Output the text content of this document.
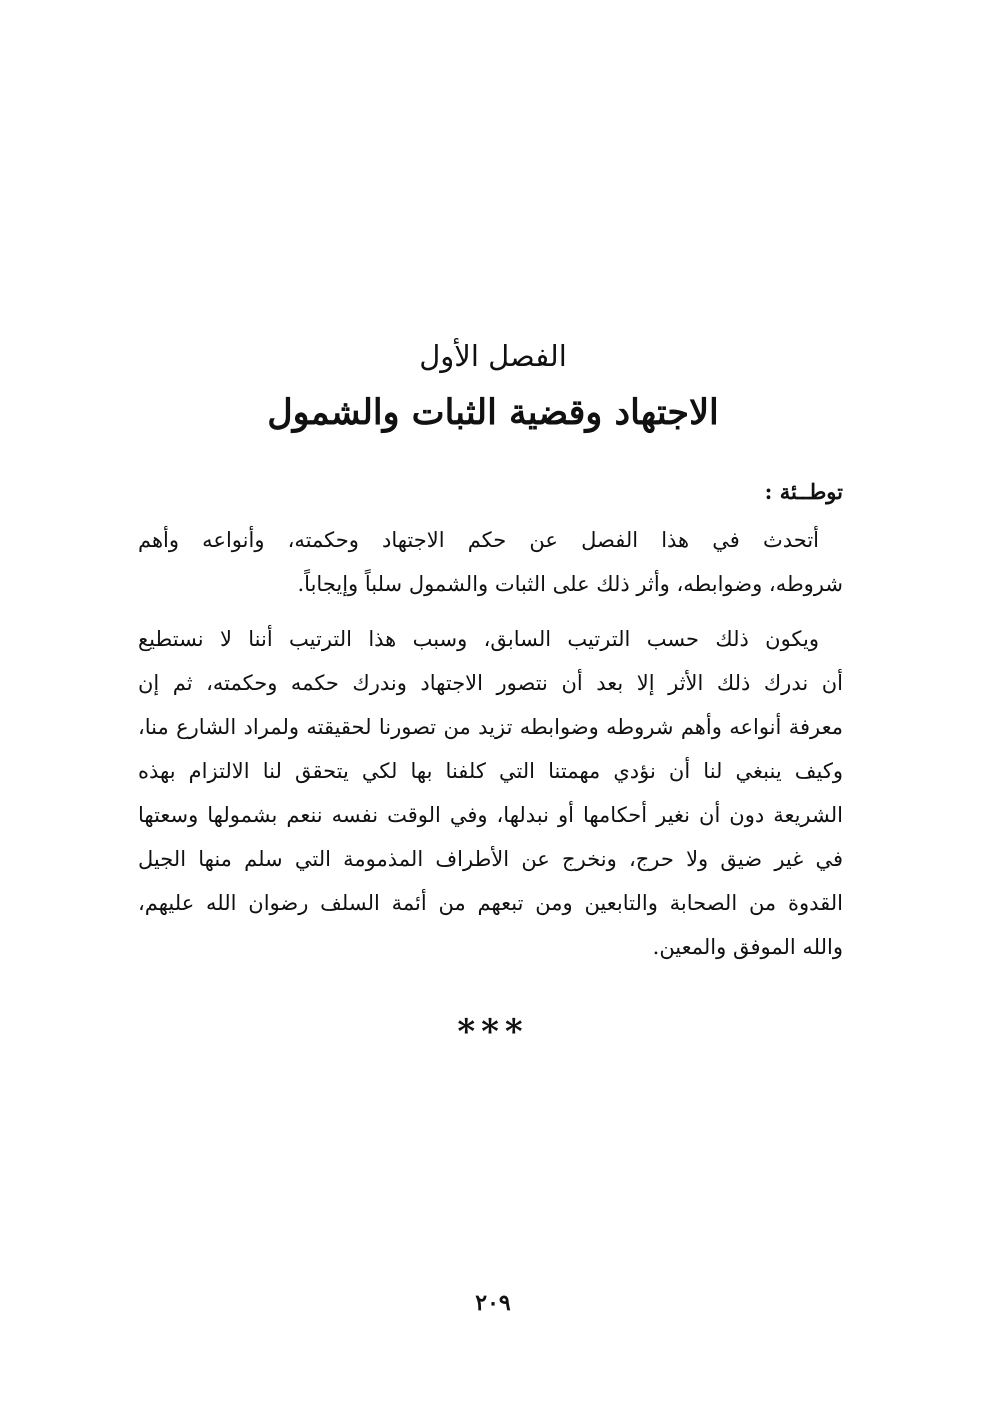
الفصل الأول
الاجتهاد وقضية الثبات والشمول
توطــئة :
أتحدث في هذا الفصل عن حكم الاجتهاد وحكمته، وأنواعه وأهم
شروطه، وضوابطه، وأثر ذلك على الثبات والشمول سلباً وإيجاباً.
ويكون ذلك حسب الترتيب السابق، وسبب هذا الترتيب أننا لا نستطيع
أن ندرك ذلك الأثر إلا بعد أن نتصور الاجتهاد وندرك حكمه وحكمته، ثم إن
معرفة أنواعه وأهم شروطه وضوابطه تزيد من تصورنا لحقيقته ولمراد الشارع منا،
وكيف ينبغي لنا أن نؤدي مهمتنا التي كلفنا بها لكي يتحقق لنا الالتزام بهذه
الشريعة دون أن نغير أحكامها أو نبدلها، وفي الوقت نفسه ننعم بشمولها وسعتها
في غير ضيق ولا حرج، ونخرج عن الأطراف المذمومة التي سلم منها الجيل
القدوة من الصحابة والتابعين ومن تبعهم من أئمة السلف رضوان الله عليهم،
والله الموفق والمعين.
***
٢٠٩
